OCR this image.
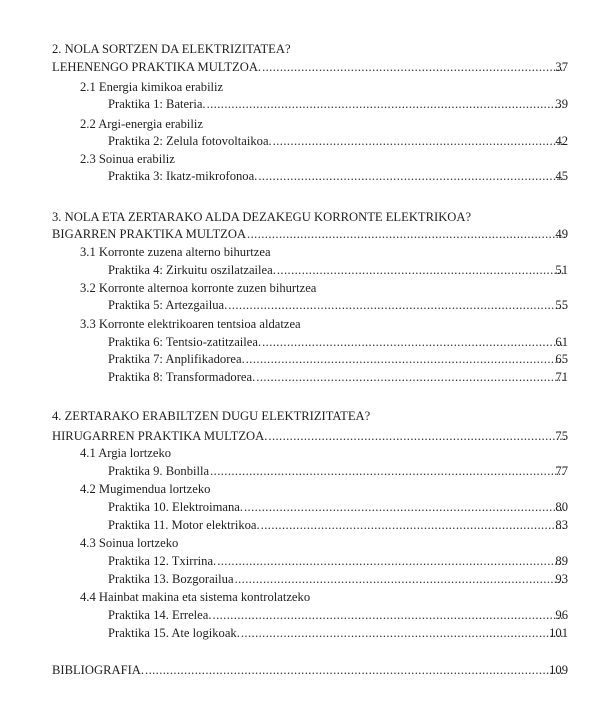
2. NOLA SORTZEN DA ELEKTRIZITATEA?
LEHENENGO PRAKTIKA MULTZOA. .....	37
2.1 Energia kimikoa erabiliz
Praktika 1: Bateria. .....	39
2.2 Argi-energia erabiliz
Praktika 2: Zelula fotovoltaikoa. .....	42
2.3 Soinua erabiliz
Praktika 3: Ikatz-mikrofonoa. .....	45
3. NOLA ETA ZERTARAKO ALDA DEZAKEGU KORRONTE ELEKTRIKOA?
BIGARREN PRAKTIKA MULTZOA .....	49
3.1 Korronte zuzena alterno bihurtzea
Praktika 4: Zirkuitu oszilatzailea. .....	51
3.2 Korronte alternoa korronte zuzen bihurtzea
Praktika 5: Artezgailua. .....	55
3.3 Korronte elektrikoaren tentsioa aldatzea
Praktika 6: Tentsio-zatitzailea. .....	61
Praktika 7: Anplifikadorea. .....	65
Praktika 8: Transformadorea. .....	71
4. ZERTARAKO ERABILTZEN DUGU ELEKTRIZITATEA?
HIRUGARREN PRAKTIKA MULTZOA. .....	75
4.1 Argia lortzeko
Praktika 9. Bonbilla .....	77
4.2 Mugimendua lortzeko
Praktika 10. Elektroimana. .....	80
Praktika 11. Motor elektrikoa. .....	83
4.3 Soinua lortzeko
Praktika 12. Txirrina. .....	89
Praktika 13. Bozgorailua .....	93
4.4 Hainbat makina eta sistema kontrolatzeko
Praktika 14. Errelea. .....	96
Praktika 15. Ate logikoak. .....	101
BIBLIOGRAFIA. .....	109
